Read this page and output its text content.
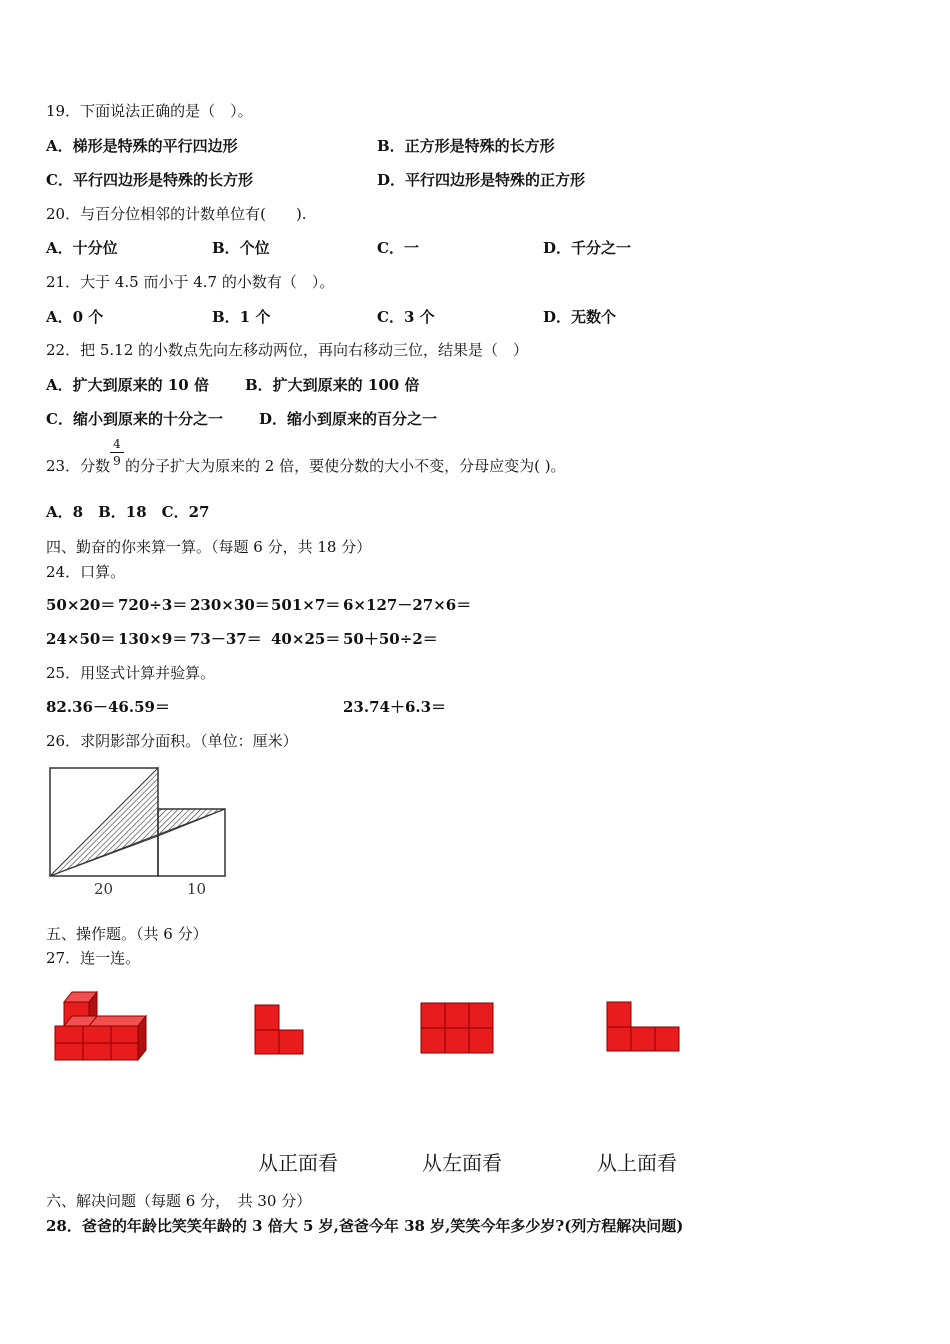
19．下面说法正确的是（　）。
A．梯形是特殊的平行四边形	B．正方形是特殊的长方形
C．平行四边形是特殊的长方形	D．平行四边形是特殊的正方形
20．与百分位相邻的计数单位有(　　).
A．十分位	B．个位	C．一	D．千分之一
21．大于 4.5 而小于 4.7 的小数有（　）。
A．0 个	B．1 个	C．3 个	D．无数个
22．把 5.12 的小数点先向左移动两位，再向右移动三位，结果是（　）
A．扩大到原来的 10 倍 B．扩大到原来的 100 倍
C．缩小到原来的十分之一 D．缩小到原来的百分之一
23．分数
4
9 的分子扩大为原来的 2 倍，要使分数的大小不变，分母应变为( )。
A．8　B．18　C．27
四、勤奋的你来算一算。（每题 6 分，共 18 分）
24．口算。
50×20＝ 720÷3＝ 230×30＝ 501×7＝ 6×127－27×6＝
24×50＝ 130×9＝ 73－37＝ 40×25＝ 50＋50÷2＝
25．用竖式计算并验算。
82.36－46.59＝	23.74＋6.3＝
26．求阴影部分面积。（单位：厘米）
20	10
五、操作题。（共 6 分）
27．连一连。
从正面看	从左面看	从上面看
六、解决问题（每题 6 分，　共 30 分）
28．爸爸的年龄比笑笑年龄的 3 倍大 5 岁,爸爸今年 38 岁,笑笑今年多少岁?(列方程解决问题)
